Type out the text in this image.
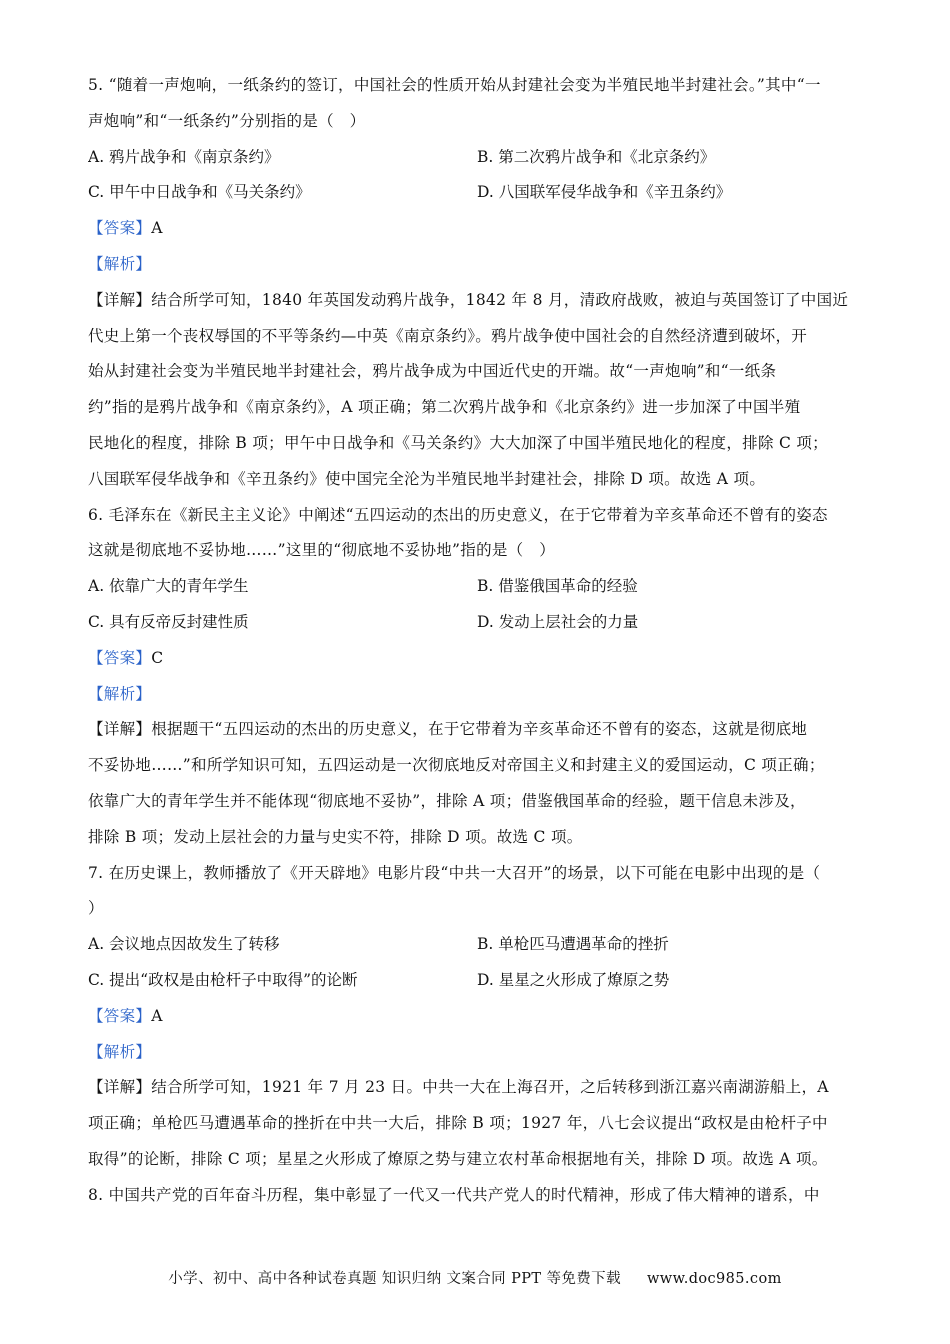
5. “随着一声炮响，一纸条约的签订，中国社会的性质开始从封建社会变为半殖民地半封建社会。”其中“一
声炮响”和“一纸条约”分别指的是（　）
A. 鸦片战争和《南京条约》	B. 第二次鸦片战争和《北京条约》
C. 甲午中日战争和《马关条约》	D. 八国联军侵华战争和《辛丑条约》
【答案】A
【解析】
【详解】结合所学可知，1840 年英国发动鸦片战争，1842 年 8 月，清政府战败，被迫与英国签订了中国近
代史上第一个丧权辱国的不平等条约—中英《南京条约》。鸦片战争使中国社会的自然经济遭到破坏，开
始从封建社会变为半殖民地半封建社会，鸦片战争成为中国近代史的开端。故“一声炮响”和“一纸条
约”指的是鸦片战争和《南京条约》，A 项正确；第二次鸦片战争和《北京条约》进一步加深了中国半殖
民地化的程度，排除 B 项；甲午中日战争和《马关条约》大大加深了中国半殖民地化的程度，排除 C 项；
八国联军侵华战争和《辛丑条约》使中国完全沦为半殖民地半封建社会，排除 D 项。故选 A 项。
6. 毛泽东在《新民主主义论》中阐述“五四运动的杰出的历史意义，在于它带着为辛亥革命还不曾有的姿态
这就是彻底地不妥协地……”这里的“彻底地不妥协地”指的是（　）
A. 依靠广大的青年学生	B. 借鉴俄国革命的经验
C. 具有反帝反封建性质	D. 发动上层社会的力量
【答案】C
【解析】
【详解】根据题干“五四运动的杰出的历史意义，在于它带着为辛亥革命还不曾有的姿态，这就是彻底地
不妥协地……”和所学知识可知，五四运动是一次彻底地反对帝国主义和封建主义的爱国运动，C 项正确；
依靠广大的青年学生并不能体现“彻底地不妥协”，排除 A 项；借鉴俄国革命的经验，题干信息未涉及，
排除 B 项；发动上层社会的力量与史实不符，排除 D 项。故选 C 项。
7. 在历史课上，教师播放了《开天辟地》电影片段“中共一大召开”的场景，以下可能在电影中出现的是（
）
A. 会议地点因故发生了转移	B. 单枪匹马遭遇革命的挫折
C. 提出“政权是由枪杆子中取得”的论断	D. 星星之火形成了燎原之势
【答案】A
【解析】
【详解】结合所学可知，1921 年 7 月 23 日。中共一大在上海召开，之后转移到浙江嘉兴南湖游船上，A
项正确；单枪匹马遭遇革命的挫折在中共一大后，排除 B 项；1927 年，八七会议提出“政权是由枪杆子中
取得”的论断，排除 C 项；星星之火形成了燎原之势与建立农村革命根据地有关，排除 D 项。故选 A 项。
8. 中国共产党的百年奋斗历程，集中彰显了一代又一代共产党人的时代精神，形成了伟大精神的谱系，中
小学、初中、高中各种试卷真题 知识归纳 文案合同 PPT 等免费下载 www.doc985.com
